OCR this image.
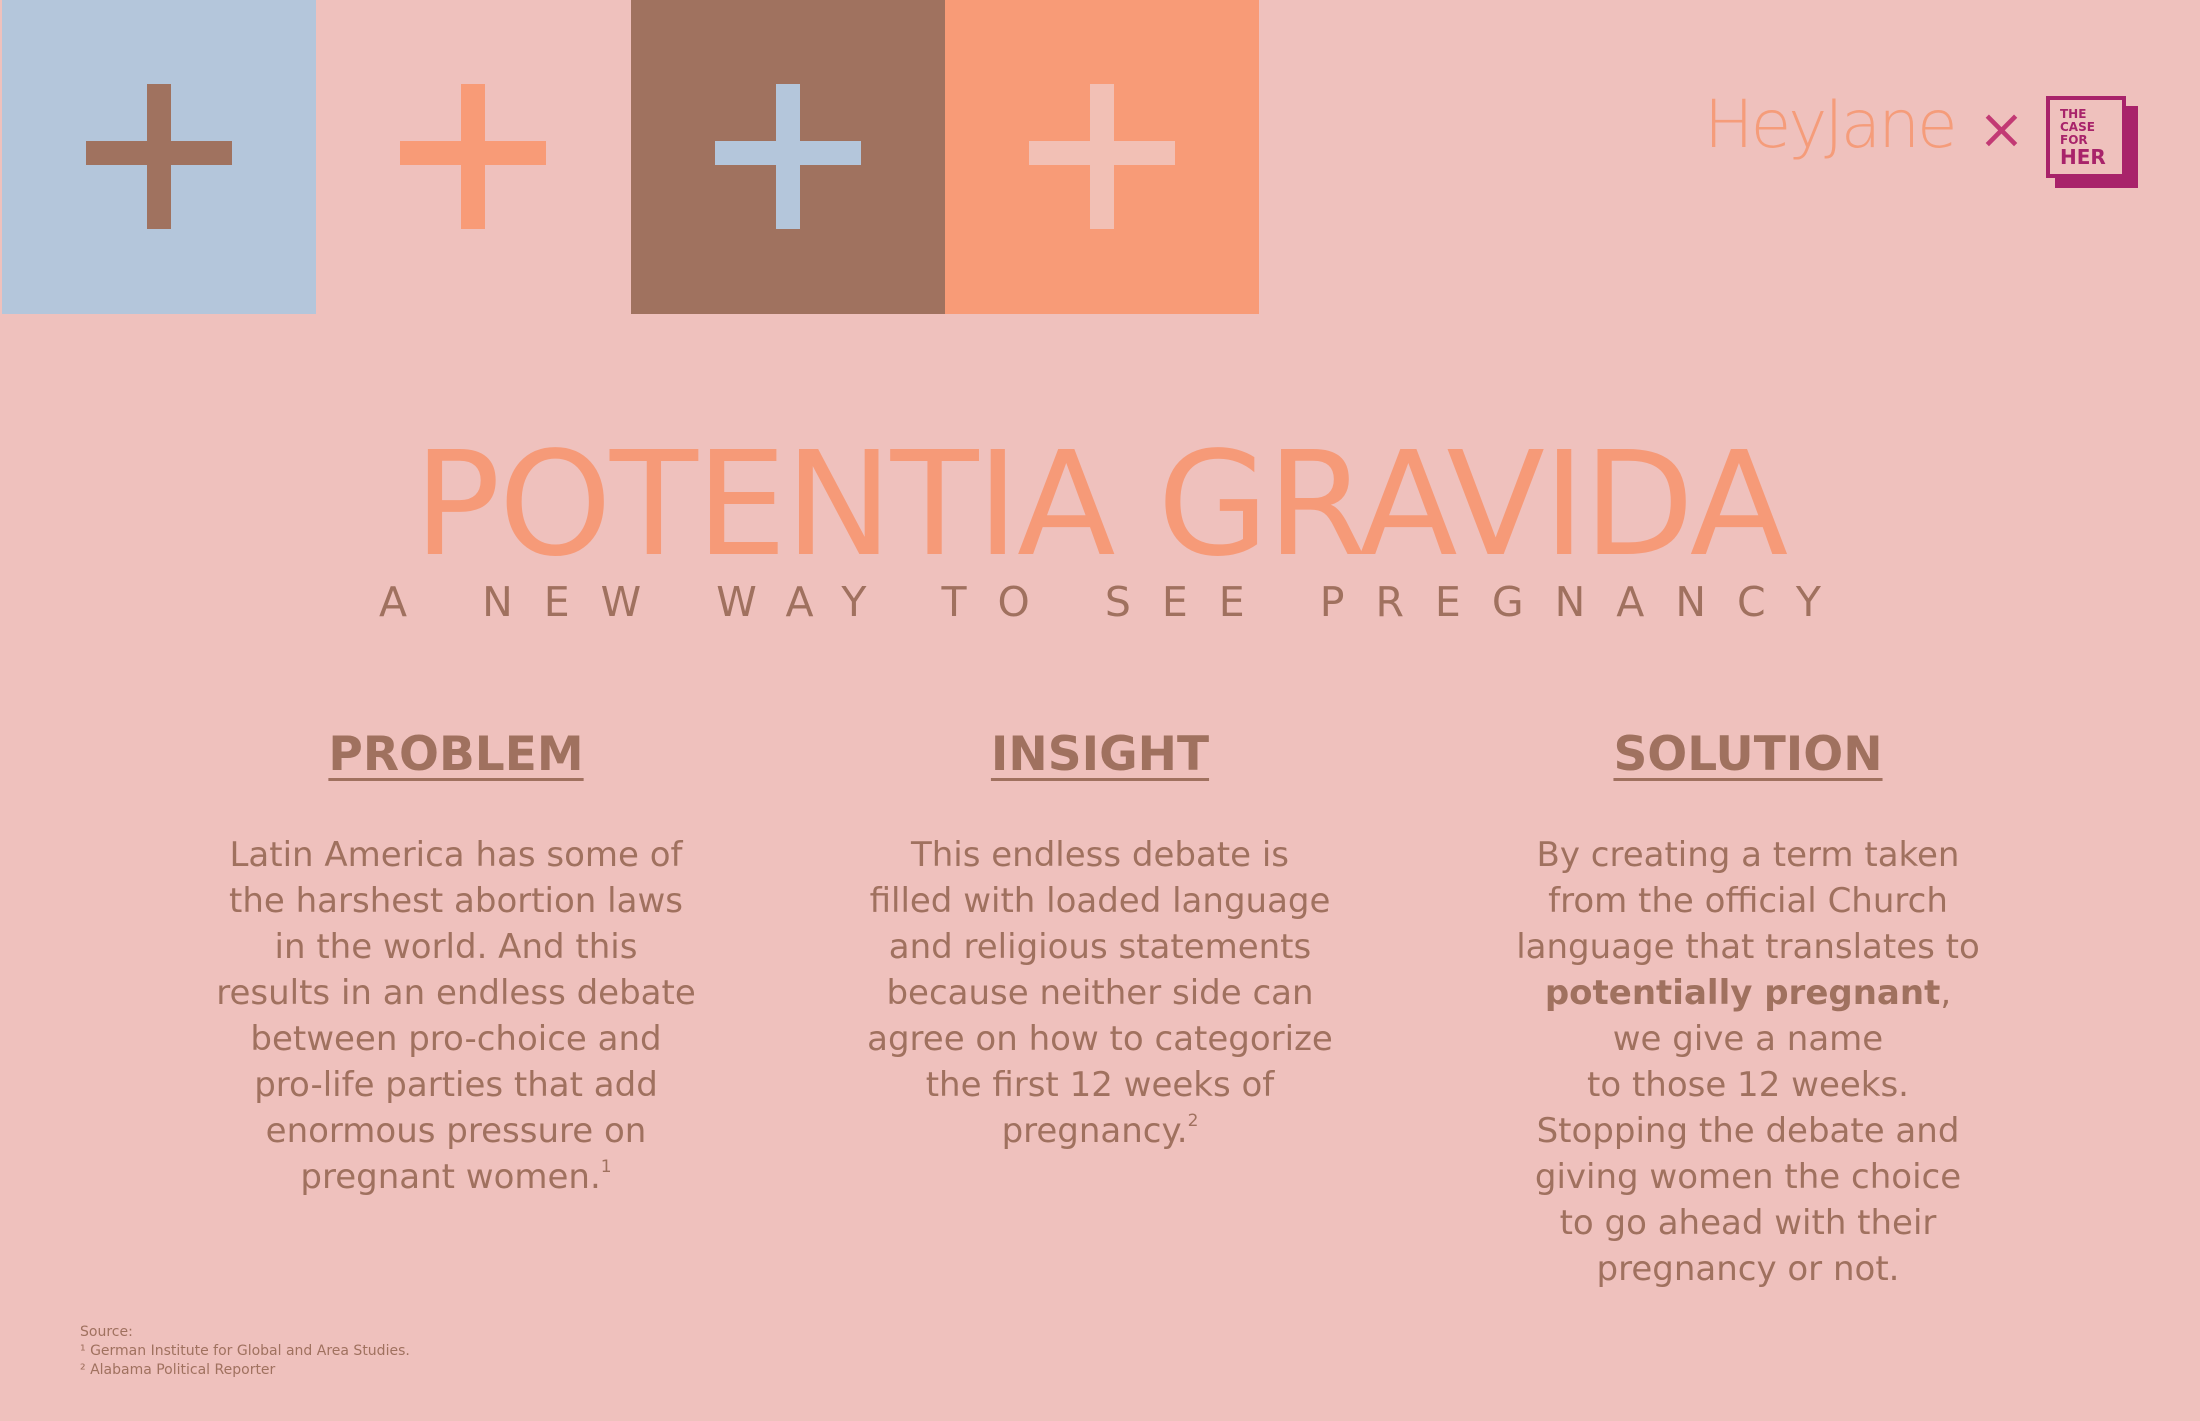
HeyJane ×	THE
CASE
FOR
HER
POTENTIA GRAVIDA
A NEW WAY TO SEE PREGNANCY
PROBLEM
Latin America has some of
the harshest abortion laws
in the world. And this
results in an endless debate
between pro-choice and
pro-life parties that add
enormous pressure on
pregnant women.$^1$
INSIGHT
This endless debate is
filled with loaded language
and religious statements
because neither side can
agree on how to categorize
the first 12 weeks of
pregnancy.$^2$
SOLUTION
By creating a term taken
from the official Church
language that translates to
potentially pregnant,
we give a name
to those 12 weeks.
Stopping the debate and
giving women the choice
to go ahead with their
pregnancy or not.
Source:
¹ German Institute for Global and Area Studies.
² Alabama Political Reporter
